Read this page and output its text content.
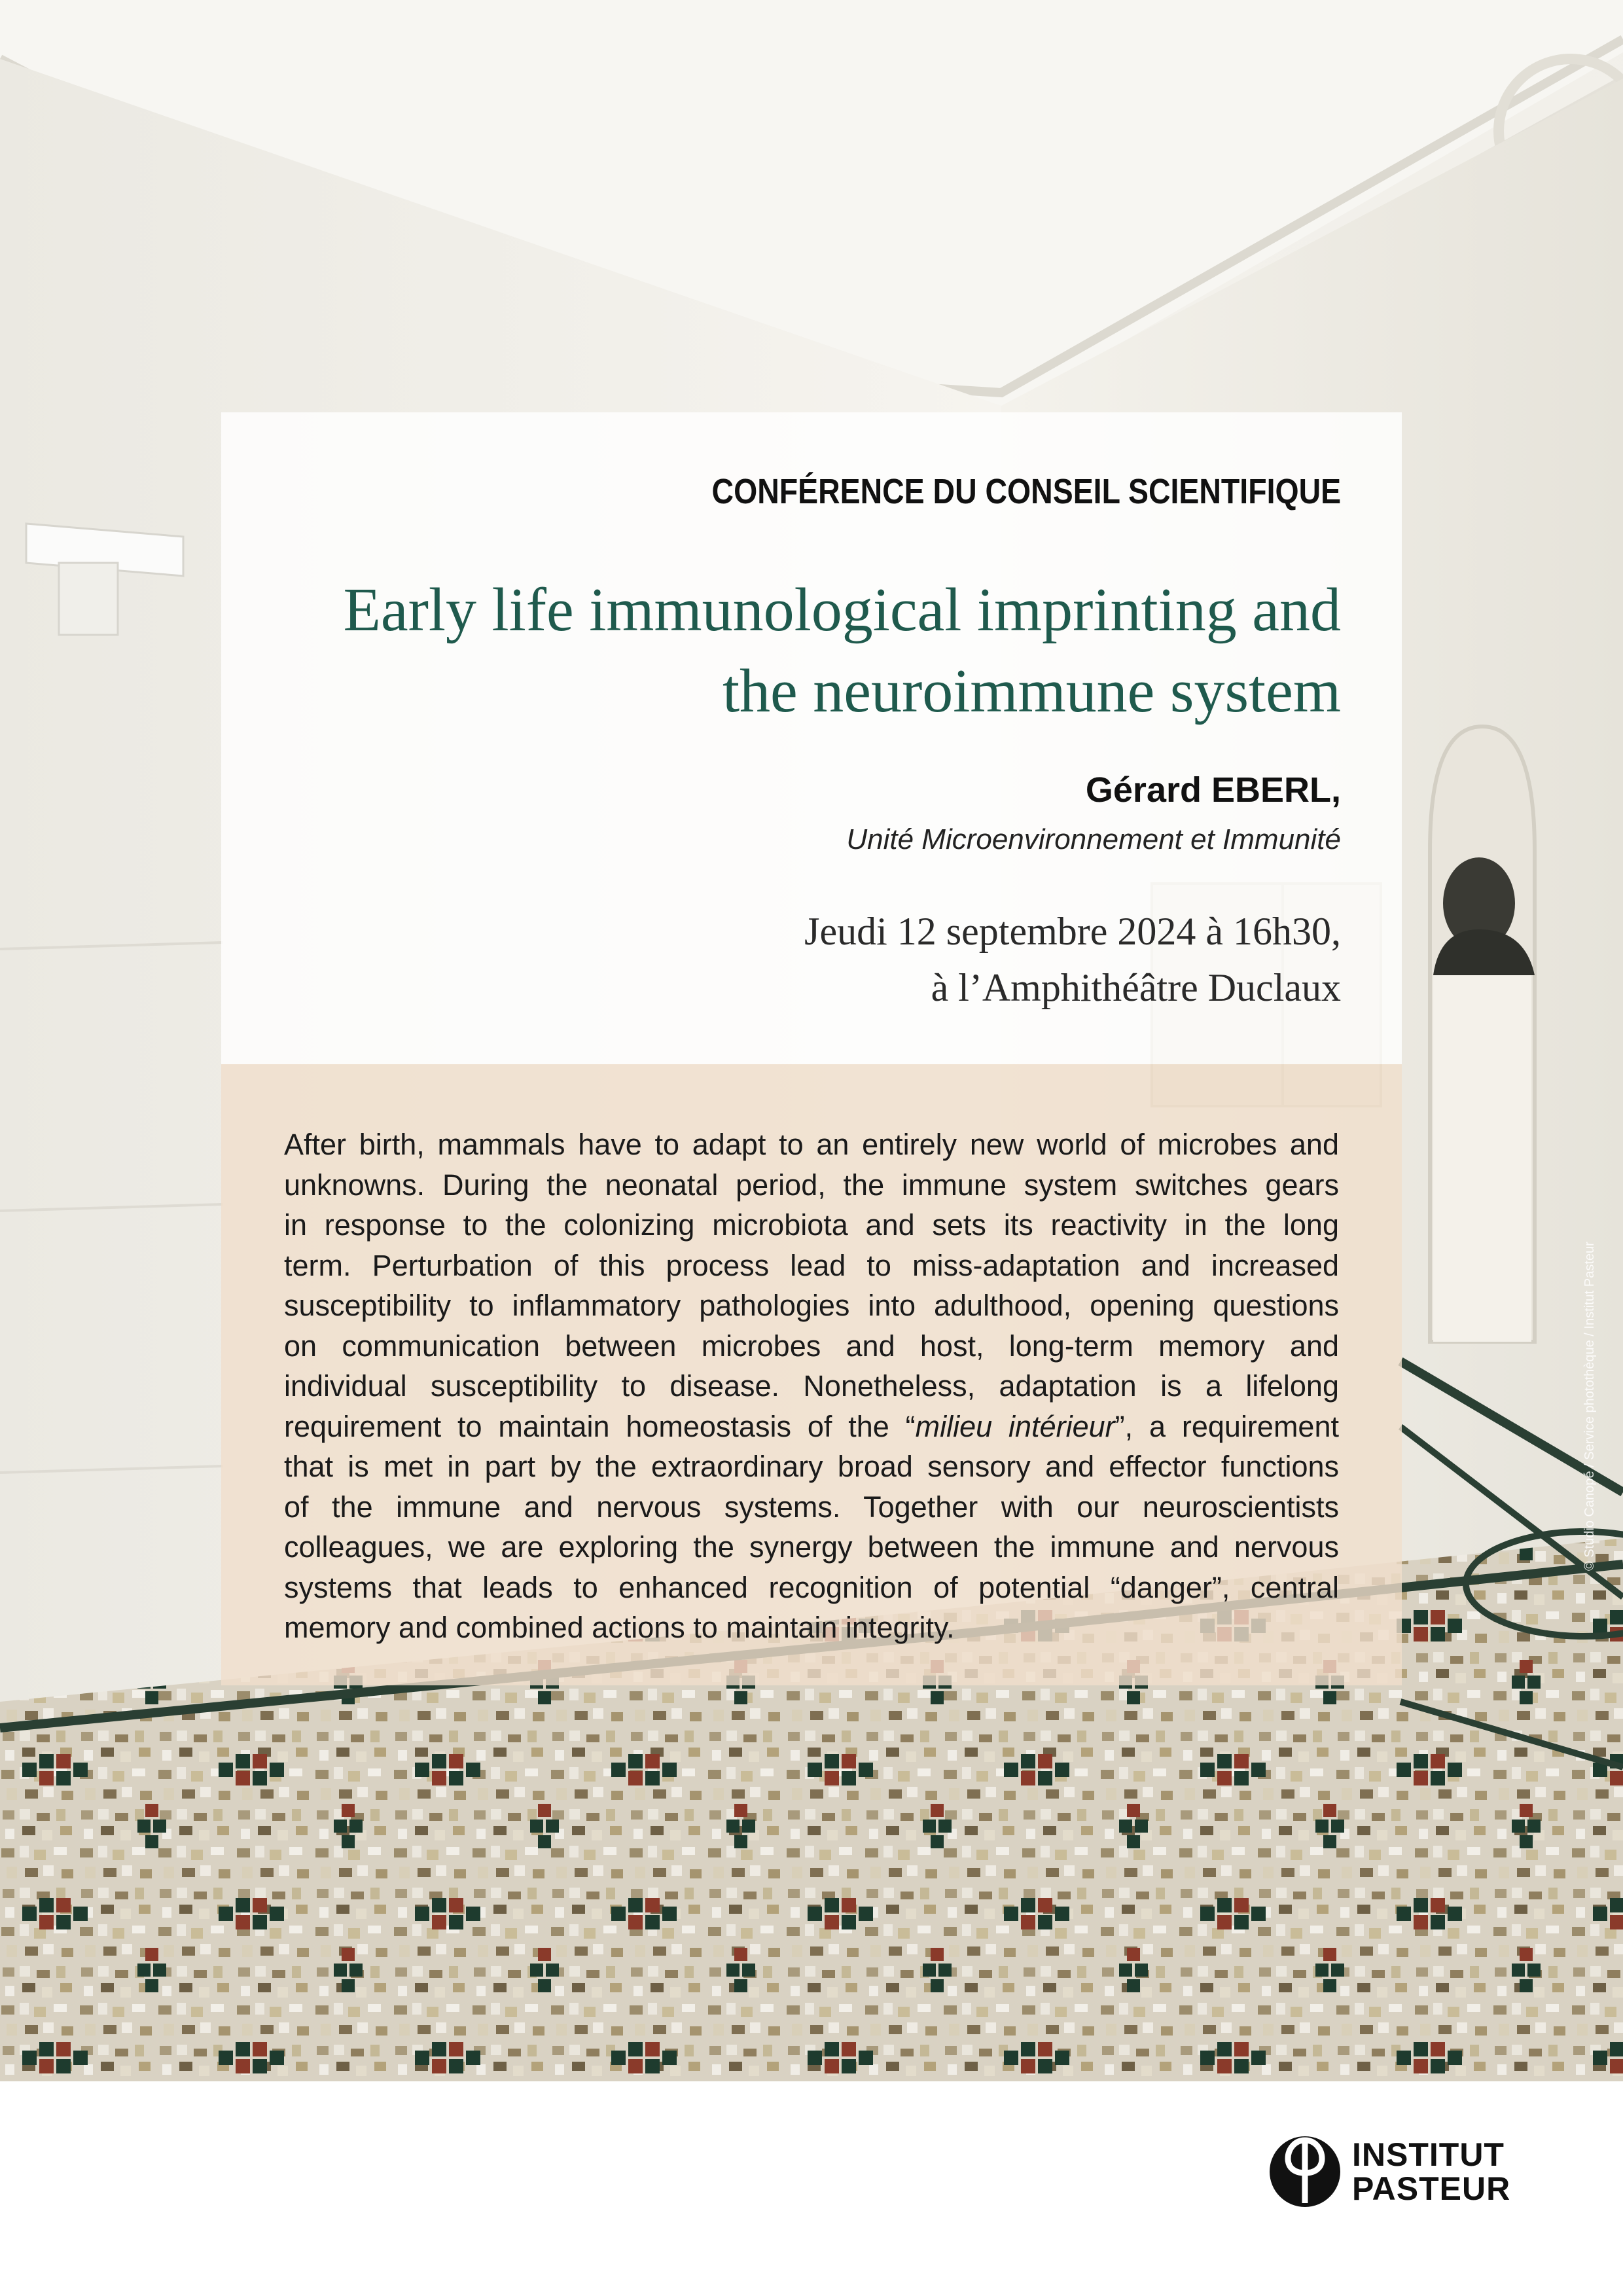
CONFÉRENCE DU CONSEIL SCIENTIFIQUE
Early life immunological imprinting and
the neuroimmune system
Gérard EBERL,
Unité Microenvironnement et Immunité
Jeudi 12 septembre 2024 à 16h30,
à l’Amphithéâtre Duclaux
After birth, mammals have to adapt to an entirely new world of microbes and
unknowns. During the neonatal period, the immune system switches gears
in response to the colonizing microbiota and sets its reactivity in the long
term. Perturbation of this process lead to miss-adaptation and increased
susceptibility to inflammatory pathologies into adulthood, opening questions
on communication between microbes and host, long-term memory and
individual susceptibility to disease. Nonetheless, adaptation is a lifelong
requirement to maintain homeostasis of the “milieu intérieur”, a requirement
that is met in part by the extraordinary broad sensory and effector functions
of the immune and nervous systems. Together with our neuroscientists
colleagues, we are exploring the synergy between the immune and nervous
systems that leads to enhanced recognition of potential “danger”, central
memory and combined actions to maintain integrity.
© Studio Canopé / Service photothèque / Institut Pasteur
INSTITUT
PASTEUR
